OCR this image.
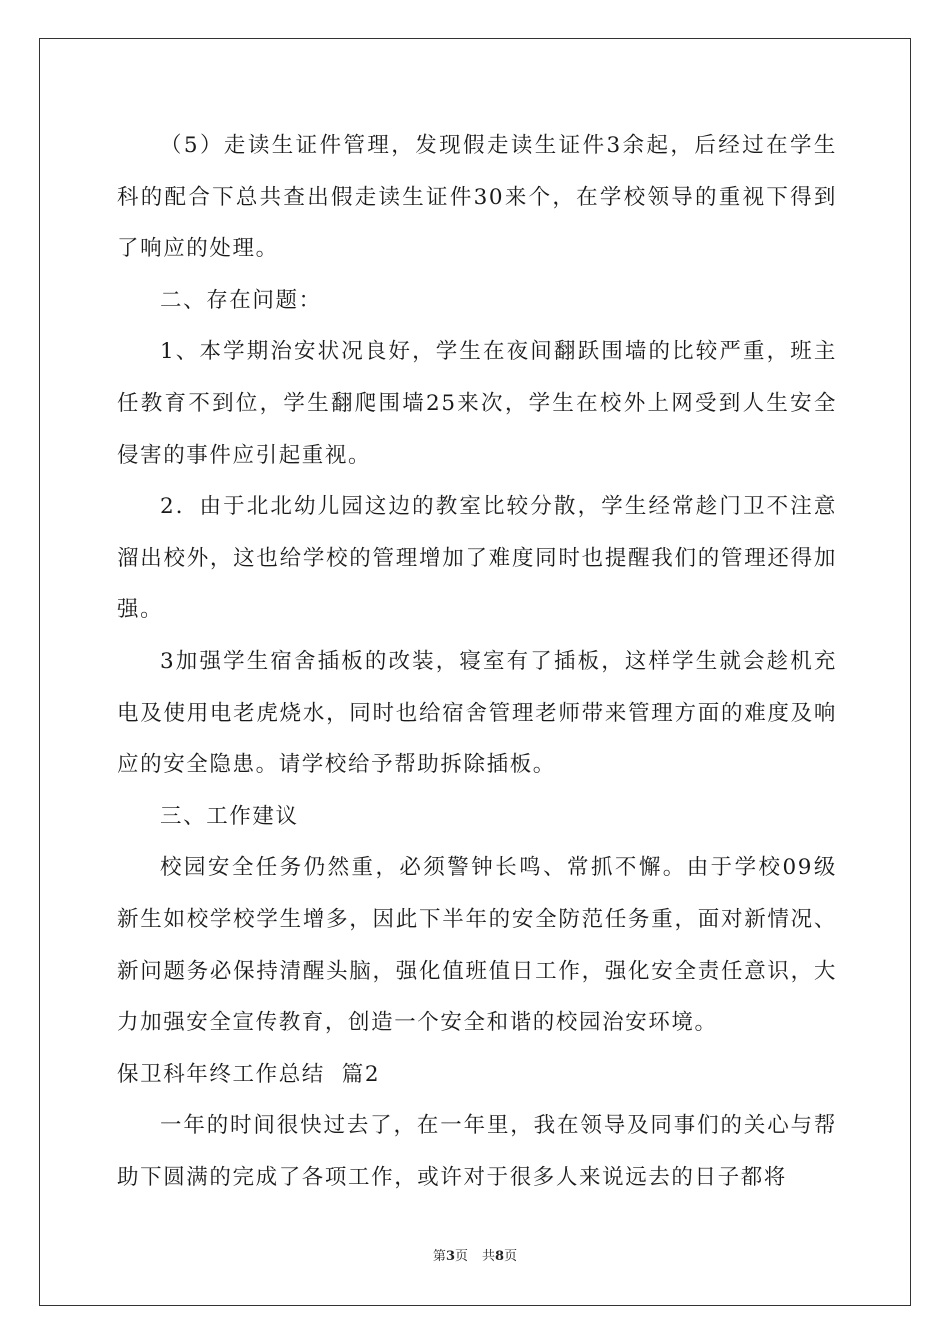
（5）走读生证件管理，发现假走读生证件3余起，后经过在学生科的配合下总共查出假走读生证件30来个，在学校领导的重视下得到了响应的处理。

二、存在问题：

1、本学期治安状况良好，学生在夜间翻跃围墙的比较严重，班主任教育不到位，学生翻爬围墙25来次，学生在校外上网受到人生安全侵害的事件应引起重视。

2．由于北北幼儿园这边的教室比较分散，学生经常趁门卫不注意溜出校外，这也给学校的管理增加了难度同时也提醒我们的管理还得加强。

3加强学生宿舍插板的改装，寝室有了插板，这样学生就会趁机充电及使用电老虎烧水，同时也给宿舍管理老师带来管理方面的难度及响应的安全隐患。请学校给予帮助拆除插板。

三、工作建议

校园安全任务仍然重，必须警钟长鸣、常抓不懈。由于学校09级新生如校学校学生增多，因此下半年的安全防范任务重，面对新情况、新问题务必保持清醒头脑，强化值班值日工作，强化安全责任意识，大力加强安全宣传教育，创造一个安全和谐的校园治安环境。

保卫科年终工作总结  篇2

一年的时间很快过去了，在一年里，我在领导及同事们的关心与帮助下圆满的完成了各项工作，或许对于很多人来说远去的日子都将

第3页 共8页
